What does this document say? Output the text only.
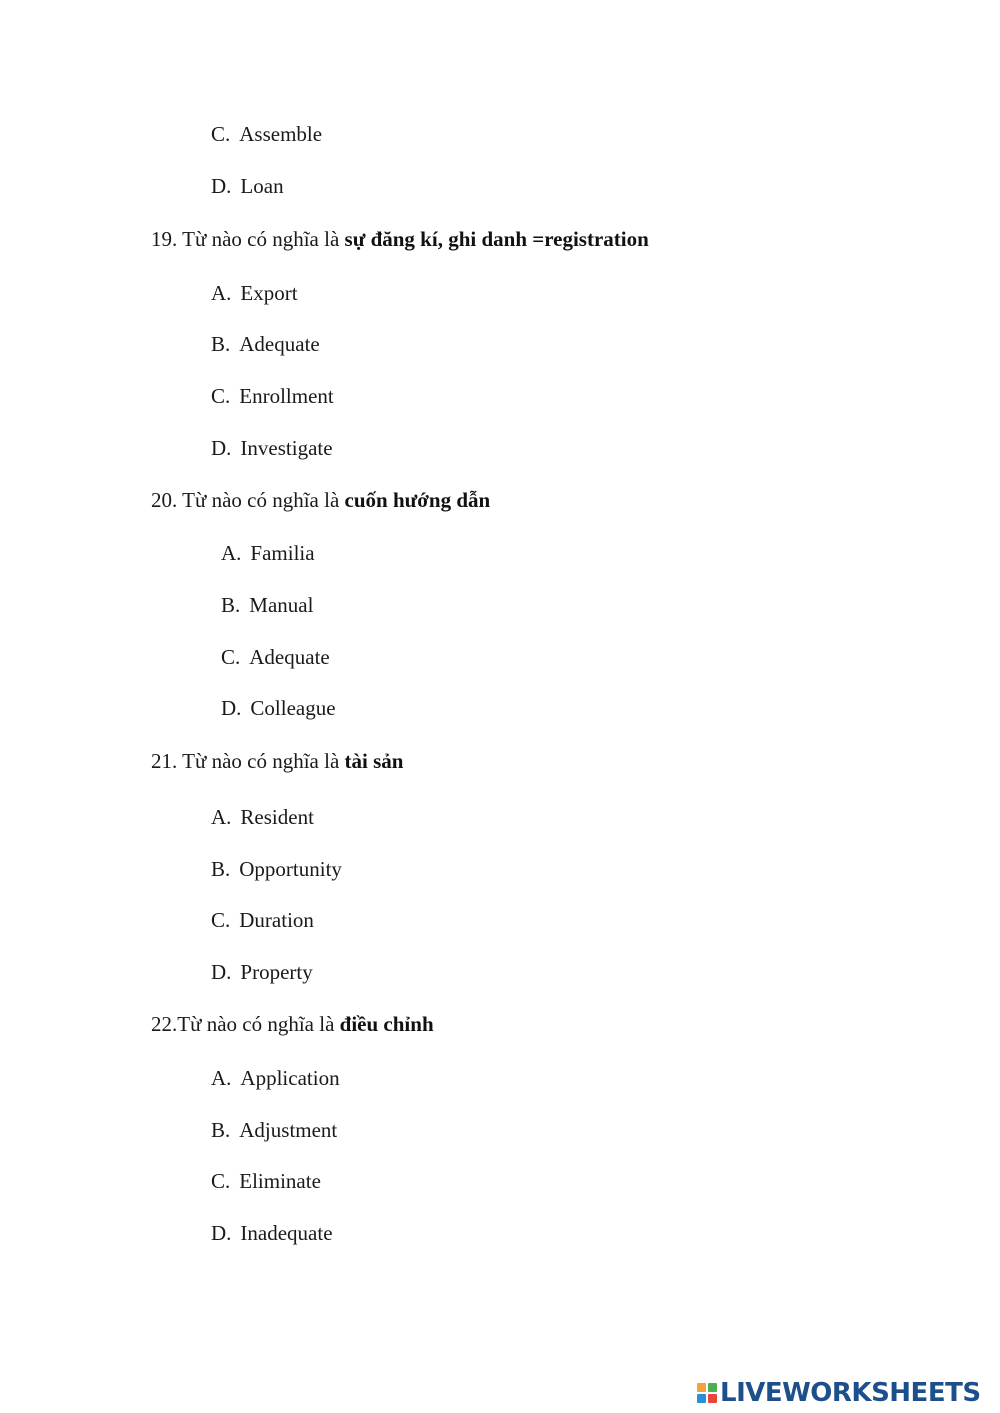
C. Assemble
D. Loan
19. Từ nào có nghĩa là sự đăng kí, ghi danh =registration
A. Export
B. Adequate
C. Enrollment
D. Investigate
20. Từ nào có nghĩa là cuốn hướng dẫn
A. Familia
B. Manual
C. Adequate
D. Colleague
21. Từ nào có nghĩa là tài sản
A. Resident
B. Opportunity
C. Duration
D. Property
22.Từ nào có nghĩa là điều chỉnh
A. Application
B. Adjustment
C. Eliminate
D. Inadequate
LIVEWORKSHEETS
